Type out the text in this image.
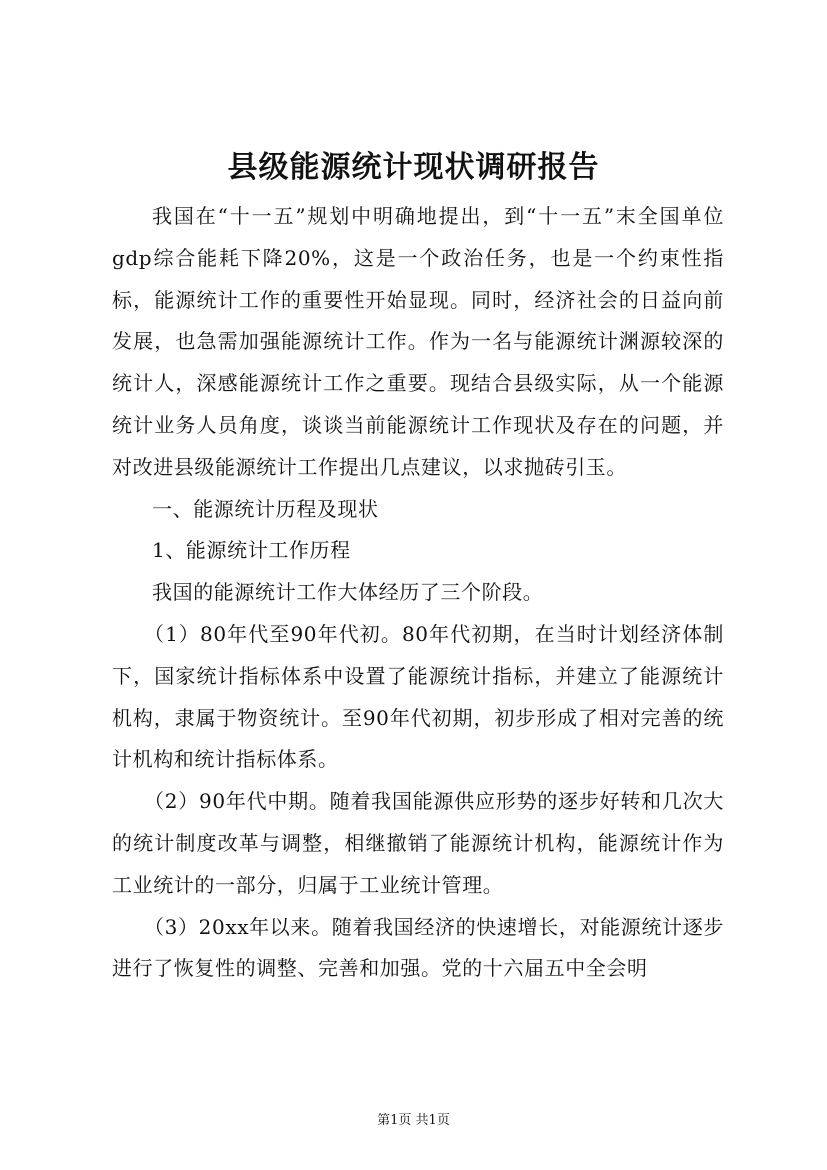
县级能源统计现状调研报告

我国在“十一五”规划中明确地提出，到“十一五”末全国单位gdp综合能耗下降20%，这是一个政治任务，也是一个约束性指标，能源统计工作的重要性开始显现。同时，经济社会的日益向前发展，也急需加强能源统计工作。作为一名与能源统计渊源较深的统计人，深感能源统计工作之重要。现结合县级实际，从一个能源统计业务人员角度，谈谈当前能源统计工作现状及存在的问题，并对改进县级能源统计工作提出几点建议，以求抛砖引玉。

一、能源统计历程及现状

1、能源统计工作历程

我国的能源统计工作大体经历了三个阶段。

（1）80年代至90年代初。80年代初期，在当时计划经济体制下，国家统计指标体系中设置了能源统计指标，并建立了能源统计机构，隶属于物资统计。至90年代初期，初步形成了相对完善的统计机构和统计指标体系。

（2）90年代中期。随着我国能源供应形势的逐步好转和几次大的统计制度改革与调整，相继撤销了能源统计机构，能源统计作为工业统计的一部分，归属于工业统计管理。

（3）20xx年以来。随着我国经济的快速增长，对能源统计逐步进行了恢复性的调整、完善和加强。党的十六届五中全会明

第1页 共1页
